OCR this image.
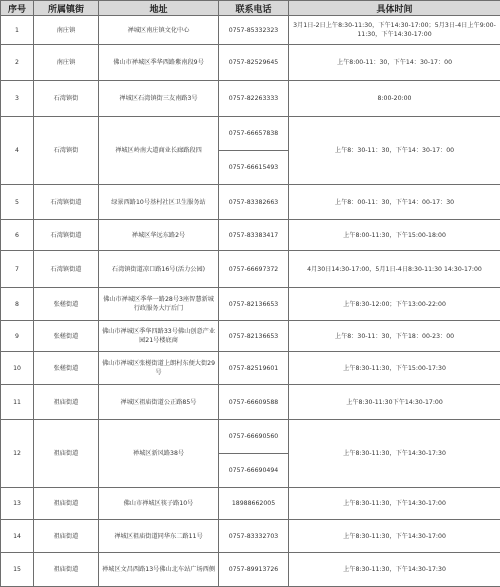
序号	所属镇街	地址	联系电话	具体时间
1	南庄镇	禅城区南庄镇文化中心	0757-85332323	3月1日-2日上午8:30-11:30，下午14:30-17:00；5月3日-4日上午9:00-11:30，下午14:30-17:00
2	南庄镇	佛山市禅城区季华西路紫南段9号	0757-82529645	上午8:00-11：30，下午14：30-17：00
3	石湾镇街	禅城区石湾镇街三友南路3号	0757-82263333	8:00-20:00
4	石湾镇街	禅城区岭南大道商业长廊路段四	0757-66657838
0757-66615493	上午8：30-11：30，下午14：30-17：00
5	石湾镇街道	绿景西路10号基村社区卫生服务站	0757-83382663	上午8：00-11：30，下午14：00-17：30
6	石湾镇街道	禅城区华远东路2号	0757-83383417	上午8:00-11:30，下午15:00-18:00
7	石湾镇街道	石湾镇街道凉口路16号(活力公园)	0757-66697372	4月30日14:30-17:00，5月1日-4日8:30-11:30 14:30-17:00
8	张槎街道	佛山市禅城区季华一路28号3座智慧新城行政服务大厅后门	0757-82136653	上午8:30-12:00；下午13:00-22:00
9	张槎街道	佛山市禅城区季华四路33号佛山创意产业园21号楼底商	0757-82136653	上午8：30-11：30，下午18：00-23：00
10	张槎街道	佛山市禅城区张槎街道上朗村东便大街29号	0757-82519601	上午8:30-11:30，下午15:00-17:30
11	祖庙街道	禅城区祖庙街道公正路85号	0757-66609588	上午8:30-11:30下午14:30-17:00
12	祖庙街道	禅城区新风路38号	0757-66690560
0757-66690494	上午8:30-11:30，下午14:30-17:30
13	祖庙街道	佛山市禅城区筷子路10号	18988662005	上午8:30-11:30，下午14:30-17:00
14	祖庙街道	禅城区祖庙街道同华东二路11号	0757-83332703	上午8:30-11:30，下午14:30-17:00
15	祖庙街道	禅城区文昌西路13号佛山北车站广场西侧	0757-89913726	上午8:30-11:30，下午14:30-17:30
